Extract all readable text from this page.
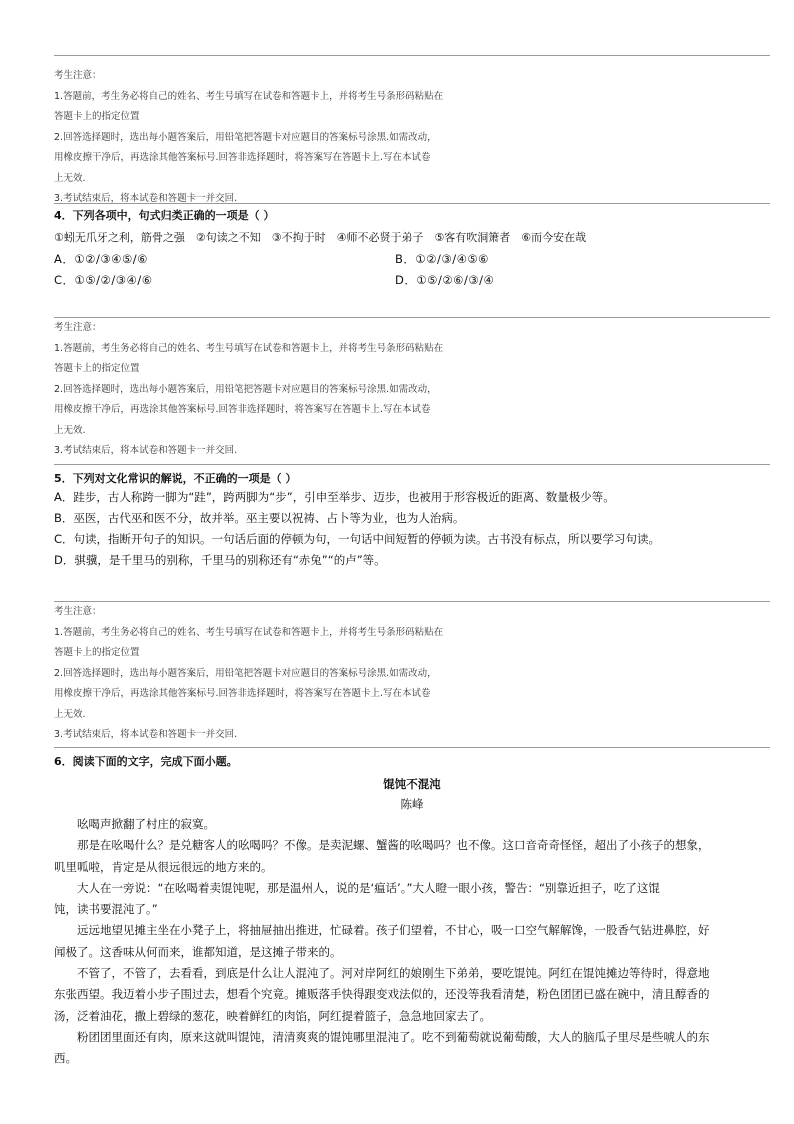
考生注意：
1.答题前，考生务必将自己的姓名、考生号填写在试卷和答题卡上，并将考生号条形码粘贴在
答题卡上的指定位置
2.回答选择题时，选出每小题答案后，用铅笔把答题卡对应题目的答案标号涂黑.如需改动，
用橡皮擦干净后，再选涂其他答案标号.回答非选择题时，将答案写在答题卡上.写在本试卷
上无效.
3.考试结束后，将本试卷和答题卡一并交回.
4．下列各项中，句式归类正确的一项是（ ）
①蚓无爪牙之利，筋骨之强　②句读之不知　③不拘于时　④师不必贤于弟子　⑤客有吹洞箫者　⑥而今安在哉
A．①②/③④⑤/⑥	B．①②/③/④⑤⑥
C．①⑤/②/③④/⑥	D．①⑤/②⑥/③/④
考生注意：
1.答题前，考生务必将自己的姓名、考生号填写在试卷和答题卡上，并将考生号条形码粘贴在
答题卡上的指定位置
2.回答选择题时，选出每小题答案后，用铅笔把答题卡对应题目的答案标号涂黑.如需改动，
用橡皮擦干净后，再选涂其他答案标号.回答非选择题时，将答案写在答题卡上.写在本试卷
上无效.
3.考试结束后，将本试卷和答题卡一并交回.
5．下列对文化常识的解说，不正确的一项是（ ）
A．跬步，古人称跨一脚为“跬”，跨两脚为“步”，引申至举步、迈步，也被用于形容极近的距离、数量极少等。
B．巫医，古代巫和医不分，故并举。巫主要以祝祷、占卜等为业，也为人治病。
C．句读，指断开句子的知识。一句话后面的停顿为句，一句话中间短暂的停顿为读。古书没有标点，所以要学习句读。
D．骐骥，是千里马的别称，千里马的别称还有“赤兔”“的卢”等。
考生注意：
1.答题前，考生务必将自己的姓名、考生号填写在试卷和答题卡上，并将考生号条形码粘贴在
答题卡上的指定位置
2.回答选择题时，选出每小题答案后，用铅笔把答题卡对应题目的答案标号涂黑.如需改动，
用橡皮擦干净后，再选涂其他答案标号.回答非选择题时，将答案写在答题卡上.写在本试卷
上无效.
3.考试结束后，将本试卷和答题卡一并交回.
6．阅读下面的文字，完成下面小题。
馄饨不混沌
陈峰
吆喝声掀翻了村庄的寂寞。
那是在吆喝什么？是兑糖客人的吆喝吗？不像。是卖泥螺、蟹酱的吆喝吗？也不像。这口音奇奇怪怪，超出了小孩子的想象，
叽里呱啦，肯定是从很远很远的地方来的。
大人在一旁说：“在吆喝着卖馄饨呢，那是温州人，说的是‘瘟话’。”大人瞪一眼小孩，警告：“别靠近担子，吃了这馄
饨，读书要混沌了。”
远远地望见摊主坐在小凳子上，将抽屉抽出推进，忙碌着。孩子们望着，不甘心，吸一口空气解解馋，一股香气钻进鼻腔，好
闻极了。这香味从何而来，谁都知道，是这摊子带来的。
不管了，不管了，去看看，到底是什么让人混沌了。河对岸阿红的娘刚生下弟弟，要吃馄饨。阿红在馄饨摊边等待时，得意地
东张西望。我迈着小步子围过去，想看个究竟。摊贩落手快得跟变戏法似的，还没等我看清楚，粉色团团已盛在碗中，清且醇香的
汤，泛着油花，撒上碧绿的葱花，映着鲜红的肉馅，阿红提着篮子，急急地回家去了。
粉团团里面还有肉，原来这就叫馄饨，清清爽爽的馄饨哪里混沌了。吃不到葡萄就说葡萄酸，大人的脑瓜子里尽是些唬人的东
西。
